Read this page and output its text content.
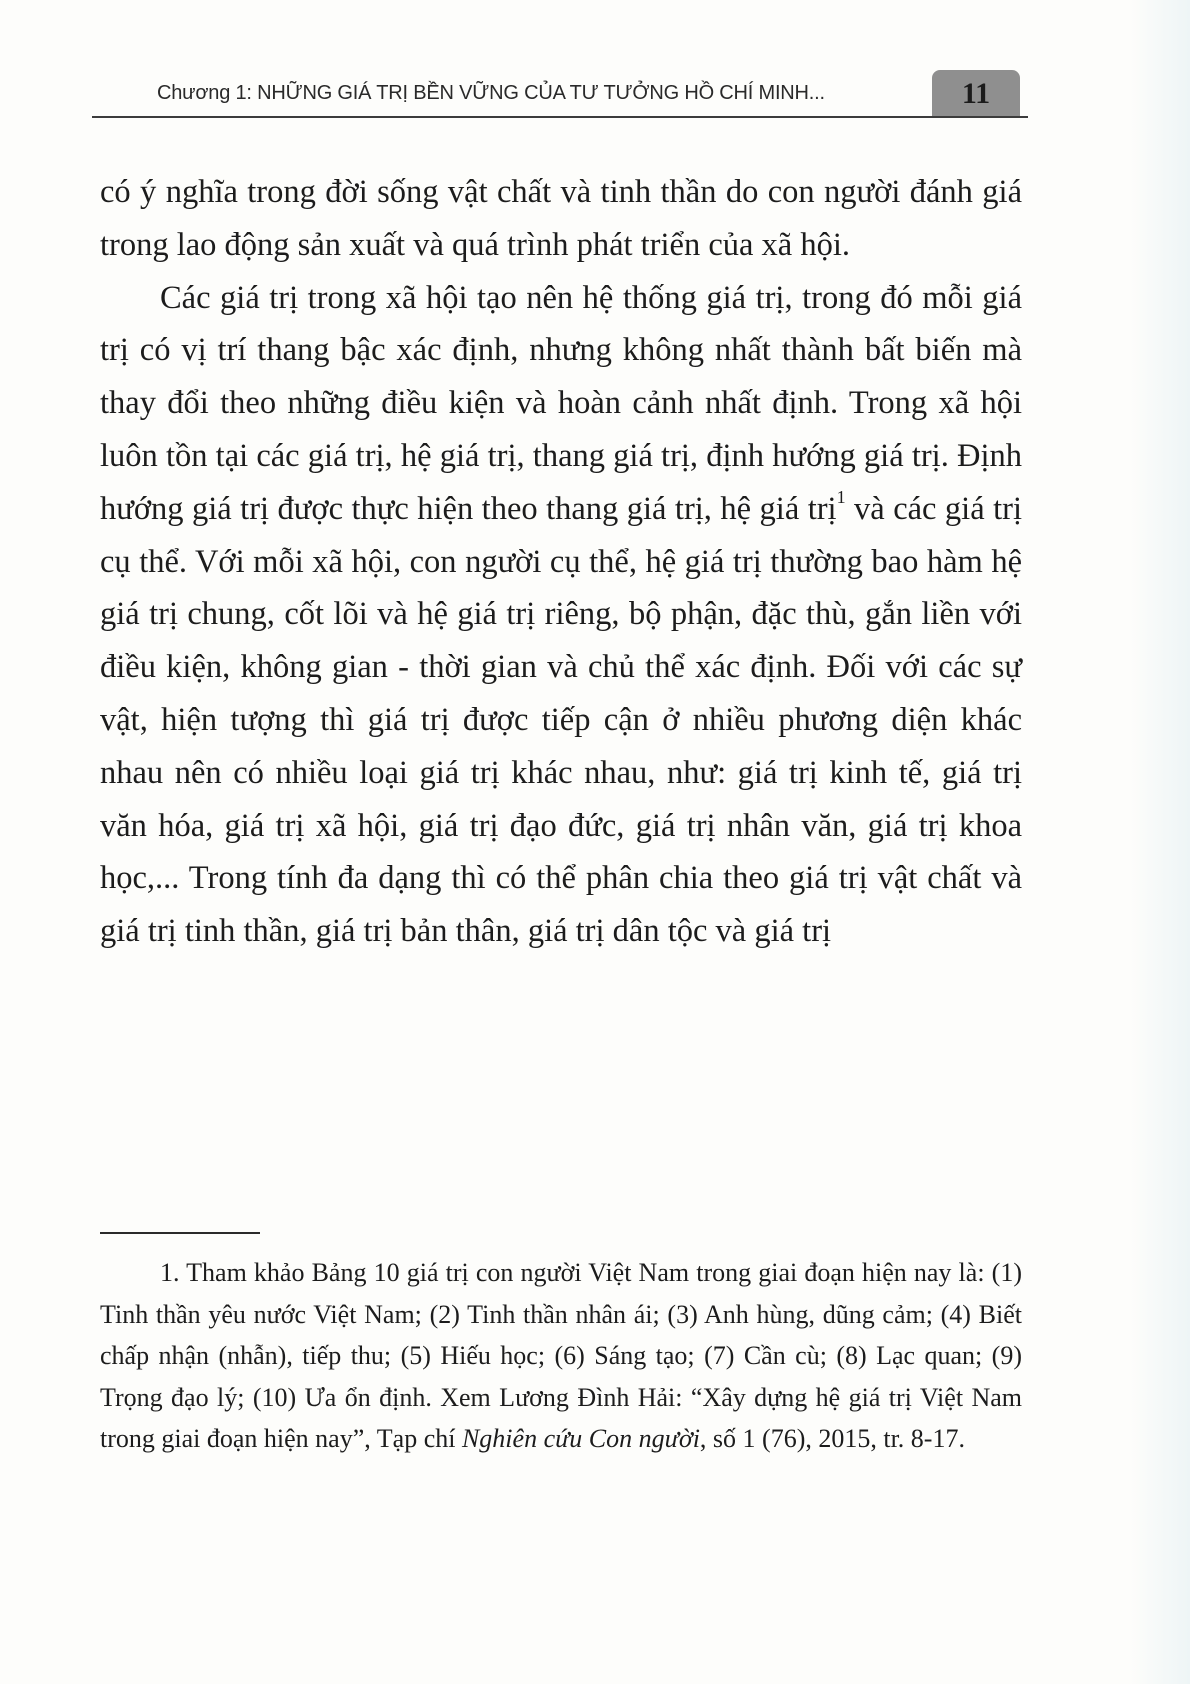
Chương 1: NHỮNG GIÁ TRỊ BỀN VỮNG CỦA TƯ TƯỞNG HỒ CHÍ MINH...	11

có ý nghĩa trong đời sống vật chất và tinh thần do con người đánh giá trong lao động sản xuất và quá trình phát triển của xã hội.

Các giá trị trong xã hội tạo nên hệ thống giá trị, trong đó mỗi giá trị có vị trí thang bậc xác định, nhưng không nhất thành bất biến mà thay đổi theo những điều kiện và hoàn cảnh nhất định. Trong xã hội luôn tồn tại các giá trị, hệ giá trị, thang giá trị, định hướng giá trị. Định hướng giá trị được thực hiện theo thang giá trị, hệ giá trị$^1$ và các giá trị cụ thể. Với mỗi xã hội, con người cụ thể, hệ giá trị thường bao hàm hệ giá trị chung, cốt lõi và hệ giá trị riêng, bộ phận, đặc thù, gắn liền với điều kiện, không gian - thời gian và chủ thể xác định. Đối với các sự vật, hiện tượng thì giá trị được tiếp cận ở nhiều phương diện khác nhau nên có nhiều loại giá trị khác nhau, như: giá trị kinh tế, giá trị văn hóa, giá trị xã hội, giá trị đạo đức, giá trị nhân văn, giá trị khoa học,... Trong tính đa dạng thì có thể phân chia theo giá trị vật chất và giá trị tinh thần, giá trị bản thân, giá trị dân tộc và giá trị

1. Tham khảo Bảng 10 giá trị con người Việt Nam trong giai đoạn hiện nay là: (1) Tinh thần yêu nước Việt Nam; (2) Tinh thần nhân ái; (3) Anh hùng, dũng cảm; (4) Biết chấp nhận (nhẫn), tiếp thu; (5) Hiếu học; (6) Sáng tạo; (7) Cần cù; (8) Lạc quan; (9) Trọng đạo lý; (10) Ưa ổn định. Xem Lương Đình Hải: “Xây dựng hệ giá trị Việt Nam trong giai đoạn hiện nay”, Tạp chí Nghiên cứu Con người, số 1 (76), 2015, tr. 8-17.
